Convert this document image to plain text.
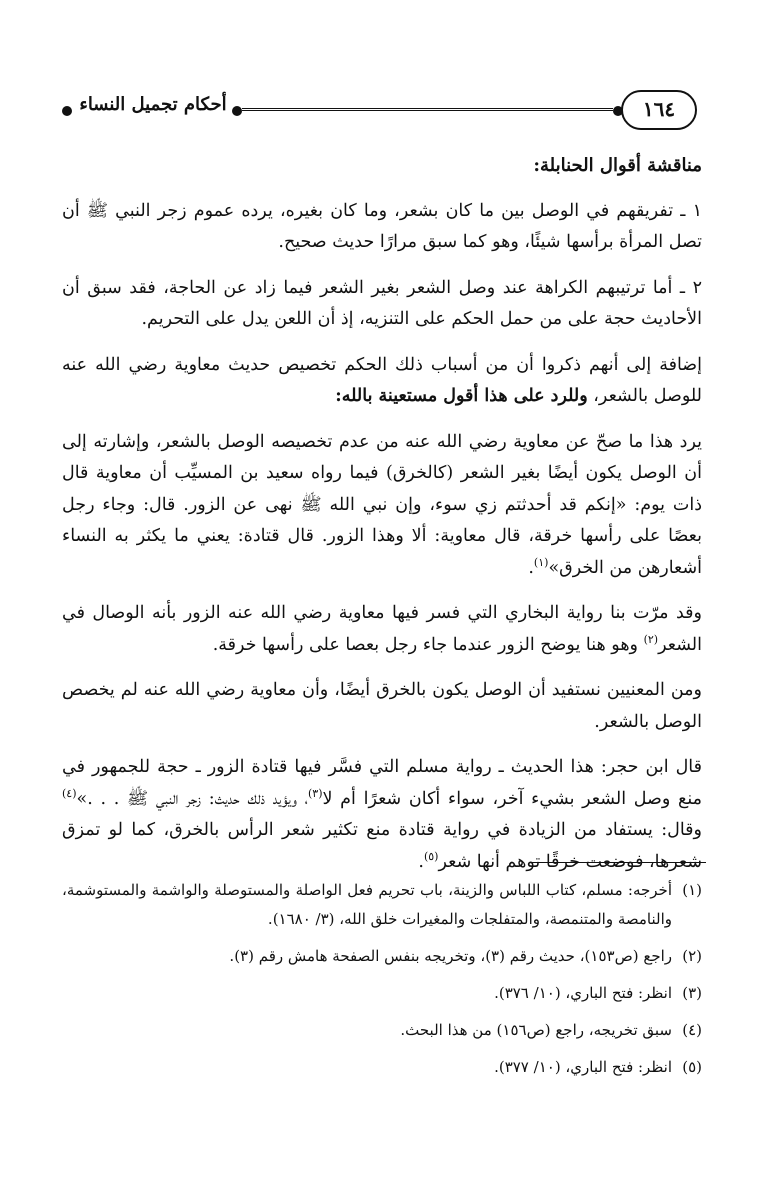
أحكام تجميل النساء	١٦٤

مناقشة أقوال الحنابلة:

١ ـ تفريقهم في الوصل بين ما كان بشعر، وما كان بغيره، يرده عموم زجر النبي ﷺ أن تصل المرأة برأسها شيئًا، وهو كما سبق مرارًا حديث صحيح.

٢ ـ أما ترتيبهم الكراهة عند وصل الشعر بغير الشعر فيما زاد عن الحاجة، فقد سبق أن الأحاديث حجة على من حمل الحكم على التنزيه، إذ أن اللعن يدل على التحريم.

إضافة إلى أنهم ذكروا أن من أسباب ذلك الحكم تخصيص حديث معاوية رضي الله عنه للوصل بالشعر، وللرد على هذا أقول مستعينة بالله:

يرد هذا ما صحّ عن معاوية رضي الله عنه من عدم تخصيصه الوصل بالشعر، وإشارته إلى أن الوصل يكون أيضًا بغير الشعر (كالخرق) فيما رواه سعيد بن المسيِّب أن معاوية قال ذات يوم: «إنكم قد أحدثتم زي سوء، وإن نبي الله ﷺ نهى عن الزور. قال: وجاء رجل بعصًا على رأسها خرقة، قال معاوية: ألا وهذا الزور. قال قتادة: يعني ما يكثر به النساء أشعارهن من الخرق»$^{(١)}$.

وقد مرّت بنا رواية البخاري التي فسر فيها معاوية رضي الله عنه الزور بأنه الوصال في الشعر$^{(٢)}$ وهو هنا يوضح الزور عندما جاء رجل بعصا على رأسها خرقة.

ومن المعنيين نستفيد أن الوصل يكون بالخرق أيضًا، وأن معاوية رضي الله عنه لم يخصص الوصل بالشعر.

قال ابن حجر: هذا الحديث ـ رواية مسلم التي فسَّر فيها قتادة الزور ـ حجة للجمهور في منع وصل الشعر بشيء آخر، سواء أكان شعرًا أم لا$^{(٣)}$، ويؤيد ذلك حديث: زجر النبي ﷺ . . .»$^{(٤)}$ وقال: يستفاد من الزيادة في رواية قتادة منع تكثير شعر الرأس بالخرق، كما لو تمزق شعرها، فوضعت خرقًا توهم أنها شعر$^{(٥)}$.

(١)
أخرجه: مسلم، كتاب اللباس والزينة، باب تحريم فعل الواصلة والمستوصلة والواشمة والمستوشمة، والنامصة والمتنمصة، والمتفلجات والمغيرات خلق الله، (٣/ ١٦٨٠).

(٢)
راجع (ص١٥٣)، حديث رقم (٣)، وتخريجه بنفس الصفحة هامش رقم (٣).

(٣)
انظر: فتح الباري، (١٠/ ٣٧٦).

(٤)
سبق تخريجه، راجع (ص١٥٦) من هذا البحث.

(٥)
انظر: فتح الباري، (١٠/ ٣٧٧).
